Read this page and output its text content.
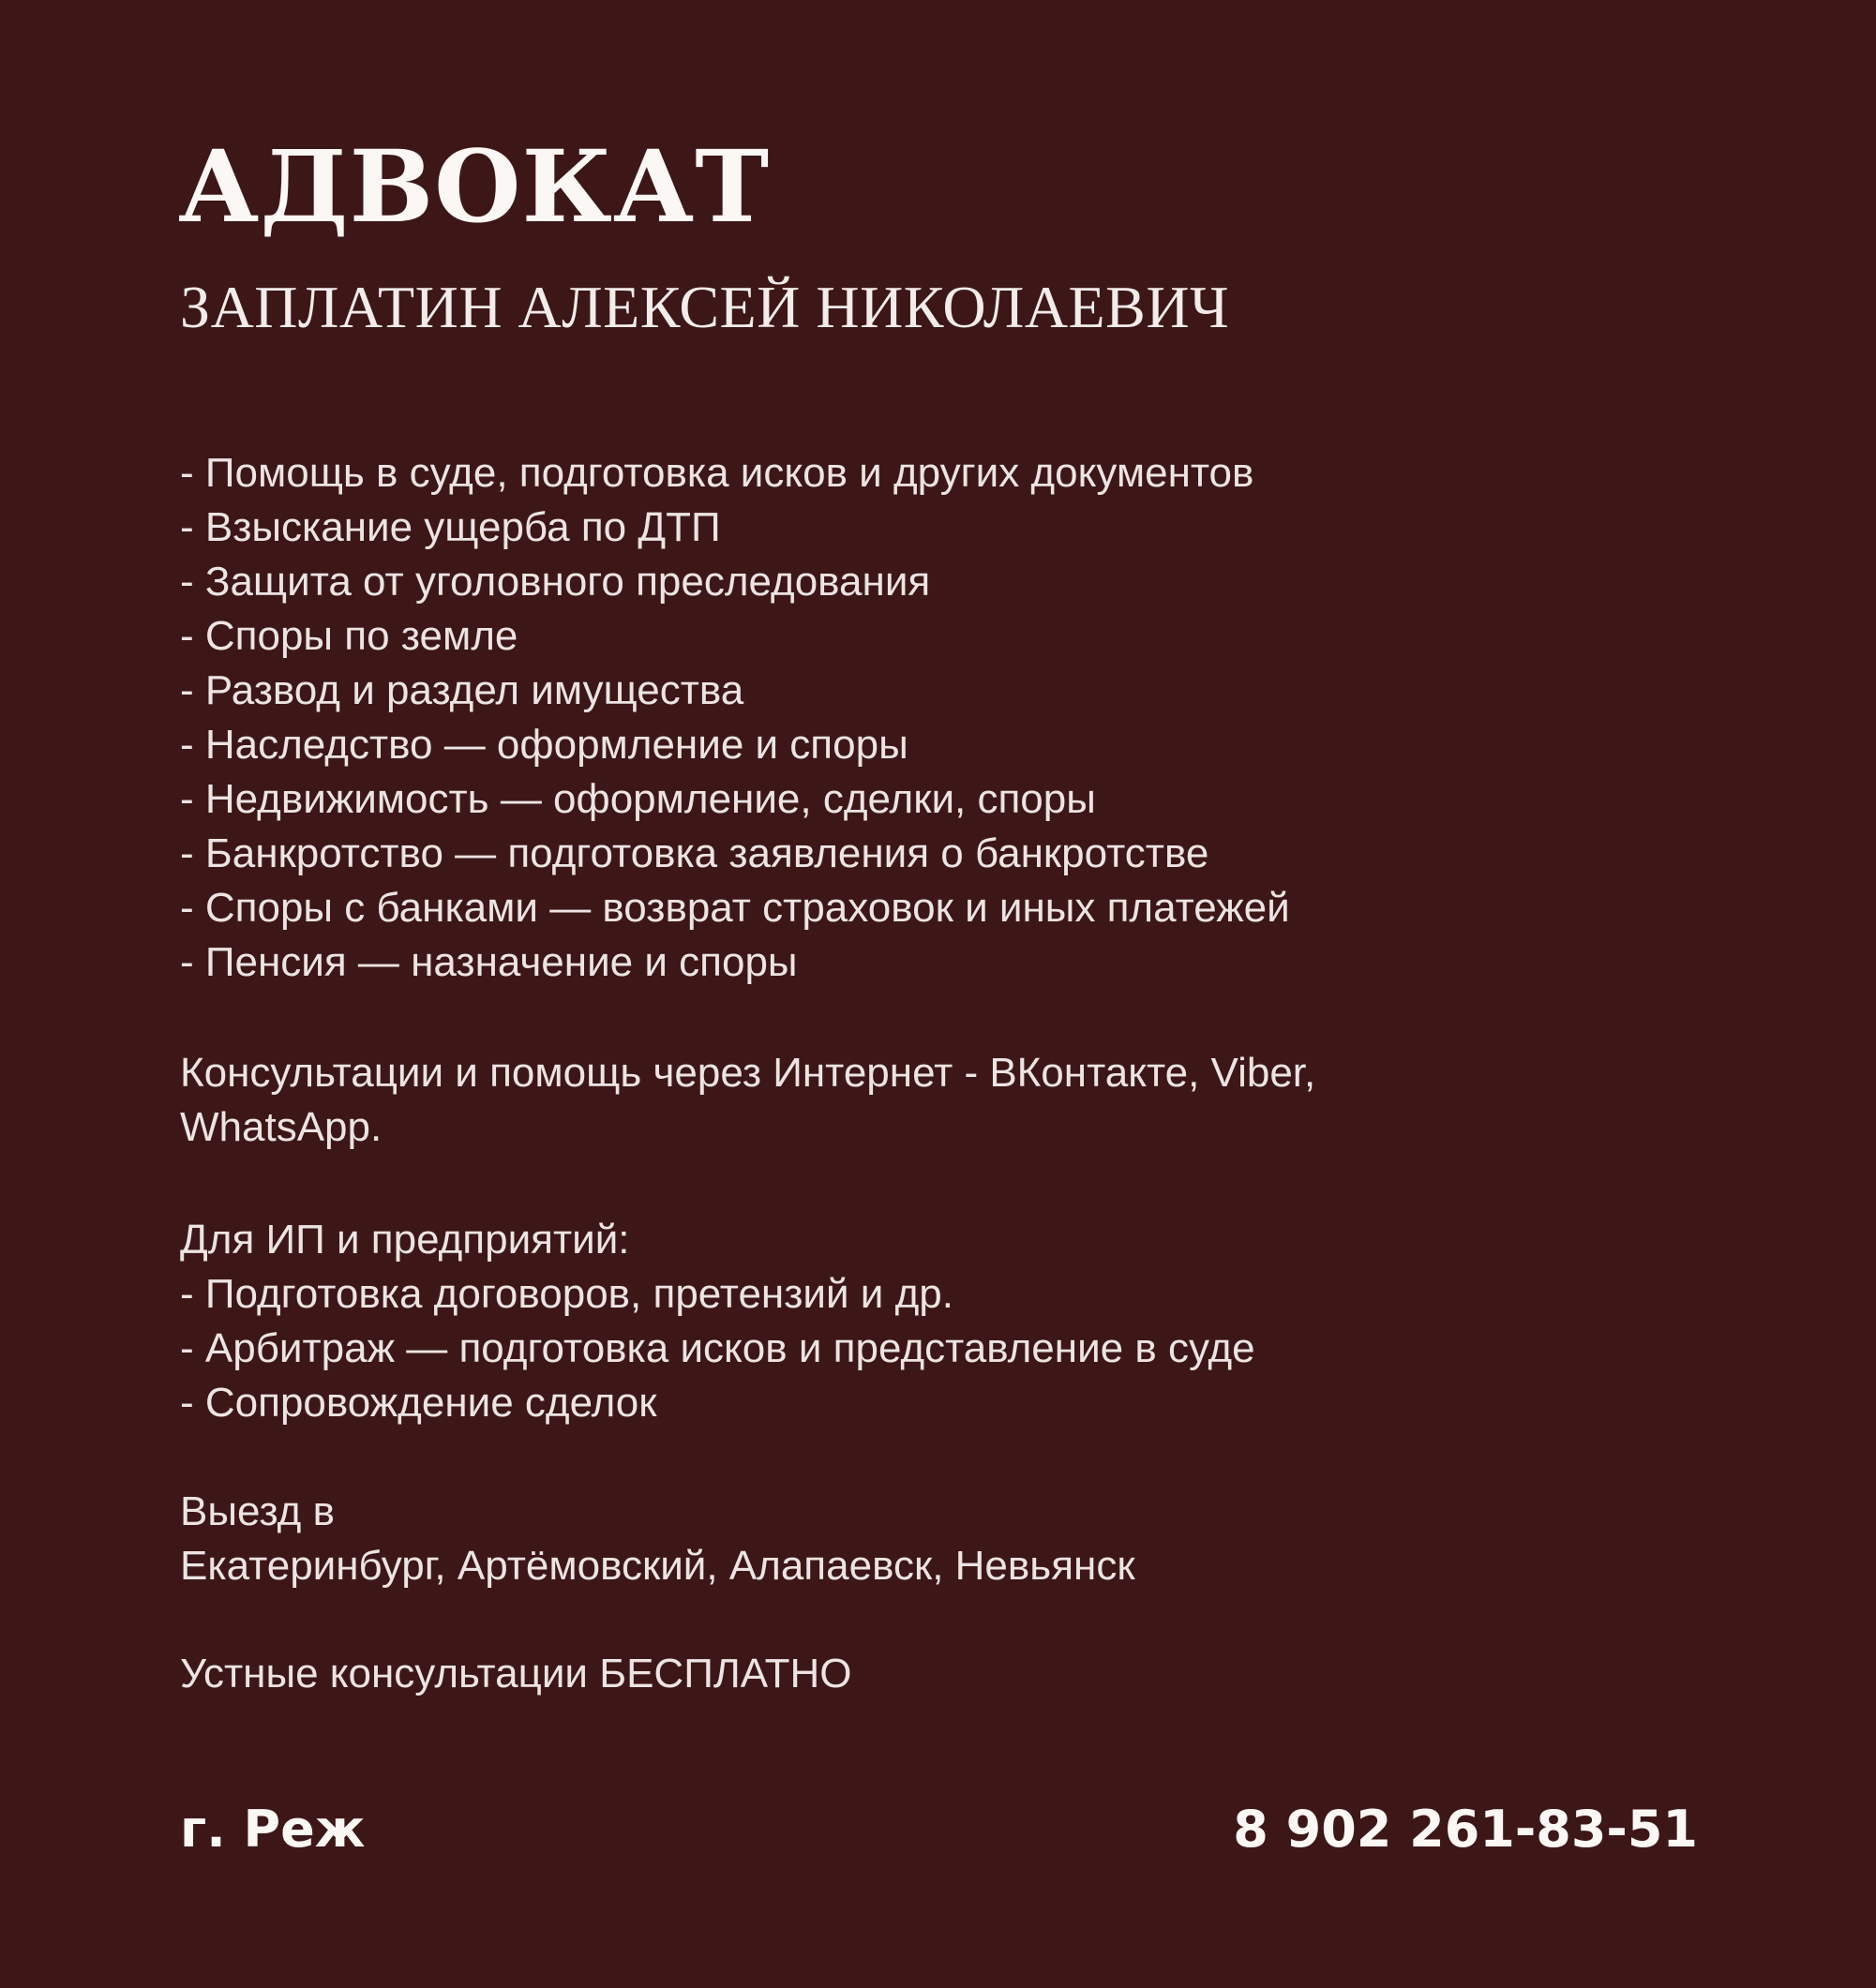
АДВОКАТ
ЗАПЛАТИН АЛЕКСЕЙ НИКОЛАЕВИЧ
- Помощь в суде, подготовка исков и других документов
- Взыскание ущерба по ДТП
- Защита от уголовного преследования
- Споры по земле
- Развод и раздел имущества
- Наследство — оформление и споры
- Недвижимость — оформление, сделки, споры
- Банкротство — подготовка заявления о банкротстве
- Споры с банками — возврат страховок и иных платежей
- Пенсия — назначение и споры
Консультации и помощь через Интернет - ВКонтакте, Viber,
WhatsApp.
Для ИП и предприятий:
- Подготовка договоров, претензий и др.
- Арбитраж — подготовка исков и представление в суде
- Сопровождение сделок
Выезд в
Екатеринбург, Артёмовский, Алапаевск, Невьянск
Устные консультации БЕСПЛАТНО
г. Реж	8 902 261-83-51
